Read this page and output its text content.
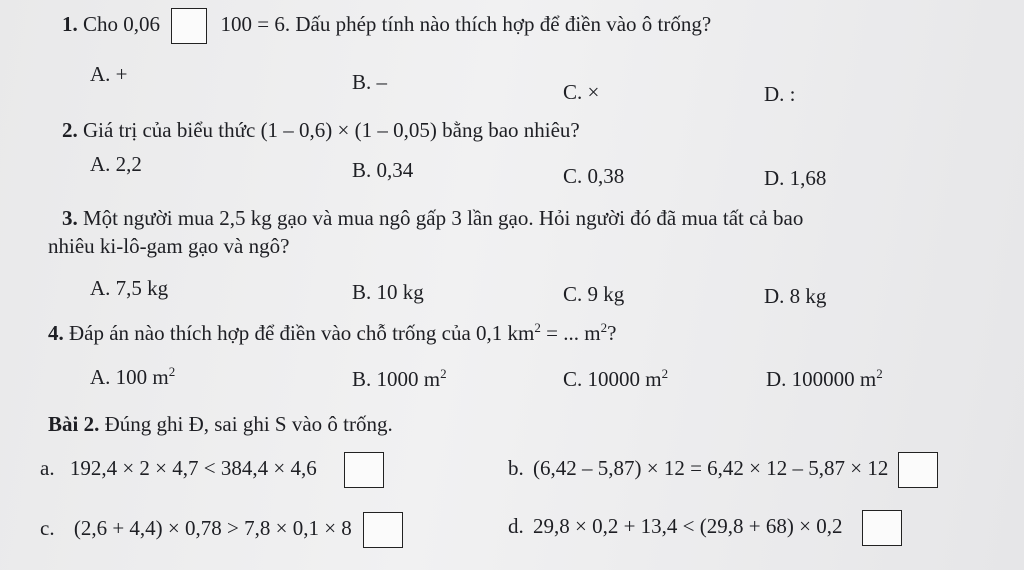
1. Cho 0,06	100 = 6. Dấu phép tính nào thích hợp để điền vào ô trống?
A. +	B. –	C. ×	D. :
2. Giá trị của biểu thức (1 – 0,6) × (1 – 0,05) bằng bao nhiêu?
A. 2,2	B. 0,34	C. 0,38	D. 1,68
3. Một người mua 2,5 kg gạo và mua ngô gấp 3 lần gạo. Hỏi người đó đã mua tất cả bao
nhiêu ki-lô-gam gạo và ngô?
A. 7,5 kg	B. 10 kg	C. 9 kg	D. 8 kg
4. Đáp án nào thích hợp để điền vào chỗ trống của 0,1 $km^2$ = ... $m^2$?
A. 100 $m^2$	B. 1000 $m^2$	C. 10000 $m^2$	D. 100000 $m^2$
Bài 2. Đúng ghi Đ, sai ghi S vào ô trống.
a. 192,4 × 2 × 4,7 < 384,4 × 4,6	b. (6,42 – 5,87) × 12 = 6,42 × 12 – 5,87 × 12
c. (2,6 + 4,4) × 0,78 > 7,8 × 0,1 × 8	d. 29,8 × 0,2 + 13,4 < (29,8 + 68) × 0,2
